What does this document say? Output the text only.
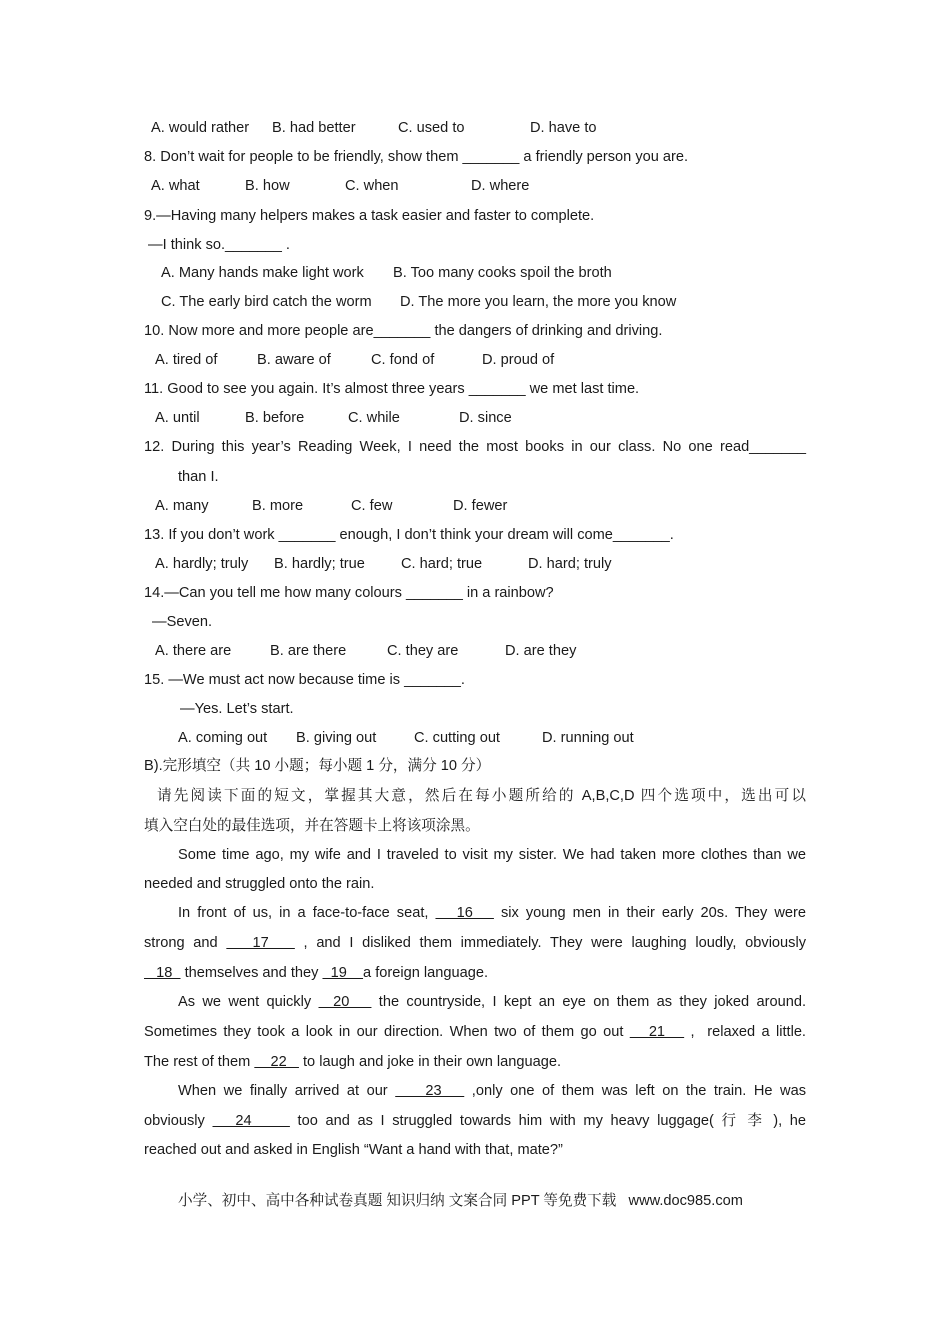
A. would rather B. had better	C. used to	D. have to
8. Don’t wait for people to be friendly, show them _______ a friendly person you are.
A. what	B. how	C. when	D. where
9.—Having many helpers makes a task easier and faster to complete.
—I think so._______ .
A. Many hands make light work B. Too many cooks spoil the broth
C. The early bird catch the worm D. The more you learn, the more you know
10. Now more and more people are_______ the dangers of drinking and driving.
A. tired of	B. aware of	C. fond of	D. proud of
11. Good to see you again. It’s almost three years _______ we met last time.
A. until	B. before	C. while	D. since
12. During this year’s Reading Week, I need the most books in our class. No one read_______
than I.
A. many	B. more	C. few	D. fewer
13. If you don’t work _______ enough, I don’t think your dream will come_______.
A. hardly; truly B. hardly; true C. hard; true	D. hard; truly
14.—Can you tell me how many colours _______ in a rainbow?
—Seven.
A. there are	B. are there	C. they are	D. are they
15. —We must act now because time is _______.
—Yes. Let’s start.
A. coming out B. giving out	C. cutting out	D. running out
B).完形填空（共 10 小题；每小题 1 分，满分 10 分）
请先阅读下面的短文，掌握其大意，然后在每小题所给的 A,B,C,D 四个选项中，选出可以
填入空白处的最佳选项，并在答题卡上将该项涂黑。
Some time ago, my wife and I traveled to visit my sister. We had taken more clothes than we
needed and struggled onto the rain.
In front of us, in a face-to-face seat,    16    six young men in their early 20s. They were
strong and    17    , and I disliked them immediately. They were laughing loudly, obviously
18   themselves and they   19    a foreign language.
As we went quickly   20    the countryside, I kept an eye on them as they joked around.
Sometimes they took a look in our direction. When two of them go out    21    ,  relaxed a little.
The rest of them     22    to laugh and joke in their own language.
When we finally arrived at our     23    ,only one of them was left on the train. He was
obviously    24      too and as I struggled towards him with my heavy luggage( 行 李 ), he
reached out and asked in English “Want a hand with that, mate?”
小学、初中、高中各种试卷真题 知识归纳 文案合同 PPT 等免费下载   www.doc985.com
